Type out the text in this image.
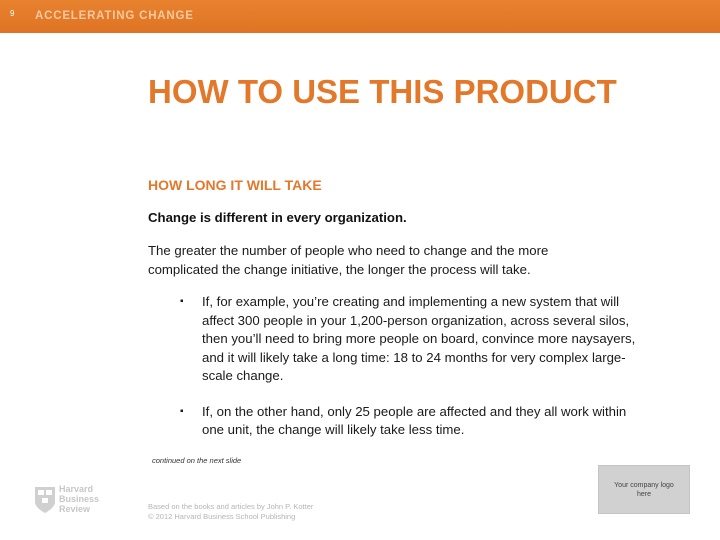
9 ACCELERATING CHANGE
HOW TO USE THIS PRODUCT
HOW LONG IT WILL TAKE
Change is different in every organization.
The greater the number of people who need to change and the more complicated the change initiative, the longer the process will take.
▪ If, for example, you’re creating and implementing a new system that will affect 300 people in your 1,200-person organization, across several silos, then you’ll need to bring more people on board, convince more naysayers, and it will likely take a long time: 18 to 24 months for very complex large-scale change.
▪ If, on the other hand, only 25 people are affected and they all work within one unit, the change will likely take less time.
continued on the next slide
Harvard
Business
Review	Based on the books and articles by John P. Kotter
© 2012 Harvard Business School Publishing
Your company logo here
